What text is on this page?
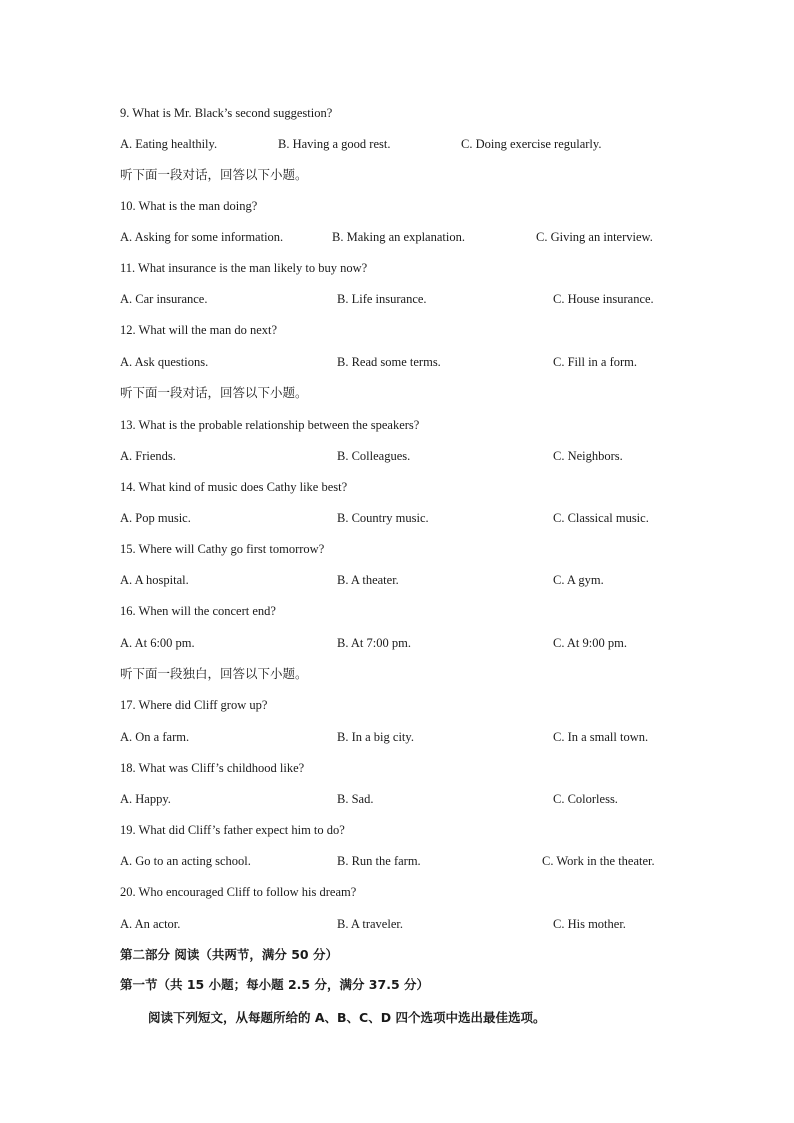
9. What is Mr. Black’s second suggestion?
A. Eating healthily.	B. Having a good rest.	C. Doing exercise regularly.
听下面一段对话，回答以下小题。
10. What is the man doing?
A. Asking for some information.	B. Making an explanation.	C. Giving an interview.
11. What insurance is the man likely to buy now?
A. Car insurance.	B. Life insurance.	C. House insurance.
12. What will the man do next?
A. Ask questions.	B. Read some terms.	C. Fill in a form.
听下面一段对话，回答以下小题。
13. What is the probable relationship between the speakers?
A. Friends.	B. Colleagues.	C. Neighbors.
14. What kind of music does Cathy like best?
A. Pop music.	B. Country music.	C. Classical music.
15. Where will Cathy go first tomorrow?
A. A hospital.	B. A theater.	C. A gym.
16. When will the concert end?
A. At 6:00 pm.	B. At 7:00 pm.	C. At 9:00 pm.
听下面一段独白，回答以下小题。
17. Where did Cliff grow up?
A. On a farm.	B. In a big city.	C. In a small town.
18. What was Cliff’s childhood like?
A. Happy.	B. Sad.	C. Colorless.
19. What did Cliff’s father expect him to do?
A. Go to an acting school.	B. Run the farm.	C. Work in the theater.
20. Who encouraged Cliff to follow his dream?
A. An actor.	B. A traveler.	C. His mother.
第二部分 阅读（共两节，满分 50 分）
第一节（共 15 小题；每小题 2.5 分，满分 37.5 分）
阅读下列短文，从每题所给的 A、B、C、D 四个选项中选出最佳选项。
